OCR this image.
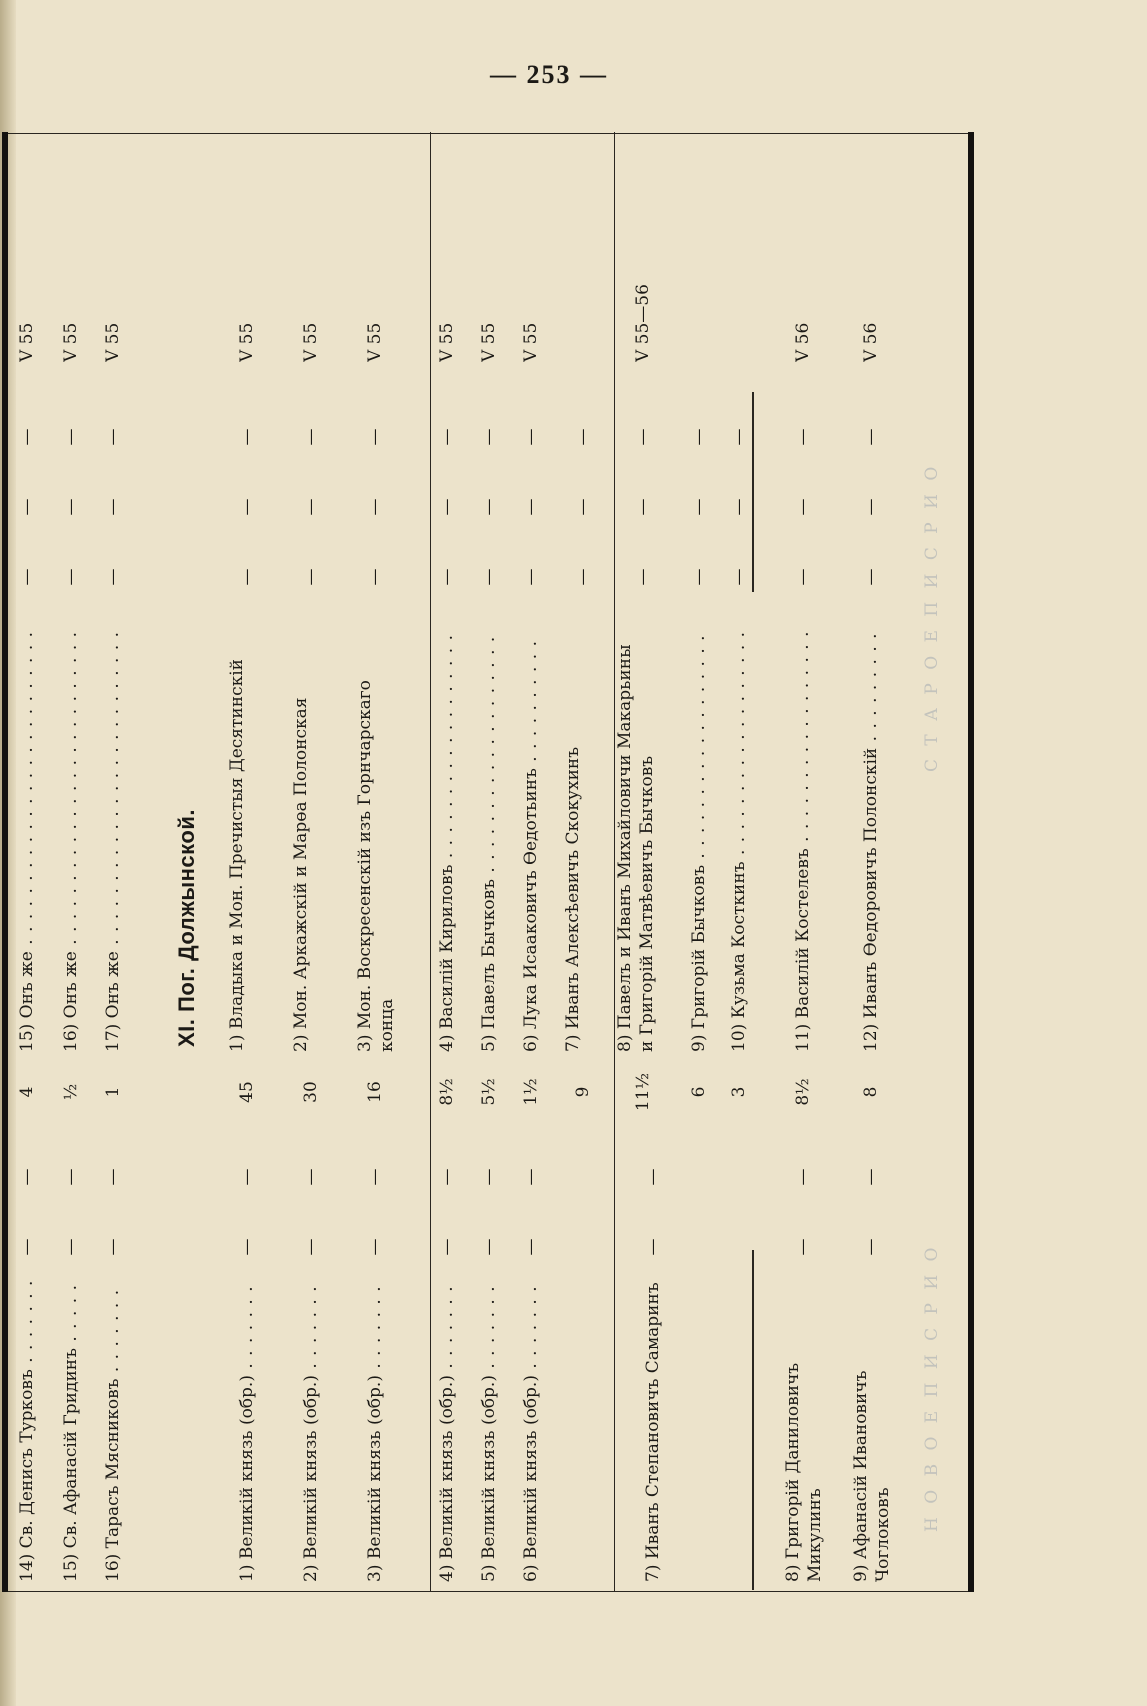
— 253 —
Н О В О Е П И С Р И О
С Т А Р О Е П И С Р И О
14) Св. Денисъ Турковъ . . .
—
—
4
15) Онъ же . . .
—
—
—
V 55
15) Св. Афанасій Гридинъ . . .
—
—
½
16) Онъ же . . .
—
—
—
V 55
16) Тарасъ Мясниковъ . . .
—
—
1
17) Онъ же . . .
—
—
—
V 55
XI. Пог. Должынской.
1) Великій князь (обр.) . . .
—
—
45
1) Владыка и Мон. Пречистыя Десятинскій
—
—
—
V 55
2) Великій князь (обр.) . . .
—
—
30
2) Мон. Аркажскій и Марөа Полонская
—
—
—
V 55
3) Великій князь (обр.) . . .
—
—
16
3) Мон. Воскресенскій изъ Горнчарскаго конца
—
—
—
V 55
4) Великій князь (обр.) . . .
—
—
8½
4) Василій Кириловъ . . .
—
—
—
V 55
5) Великій князь (обр.) . . .
—
—
5½
5) Павелъ Бычковъ . . .
—
—
—
V 55
6) Великій князь (обр.) . . .
—
—
1½
6) Лука Исааковичъ Өедотьинъ . . .
—
—
—
V 55
7) Иванъ Степановичъ Самаринъ
—
—
9
7) Иванъ Алексѣевичъ Скокухинъ
—
—
—
11½
8) Павелъ и Иванъ Михайловичи Макарьины и Григорій Матвѣевичъ Бычковъ
—
—
—
V 55—56
6
9) Григорій Бычковъ . . .
—
—
—
3
10) Кузьма Косткинъ . . .
—
—
—
8) Григорій Даниловичъ Микулинъ
—
—
8½
11) Василій Костелевъ . . .
—
—
—
V 56
9) Афанасій Ивановичъ Чоглоковъ
—
—
8
12) Иванъ Өедоровичъ Полонскій . . .
—
—
—
V 56
